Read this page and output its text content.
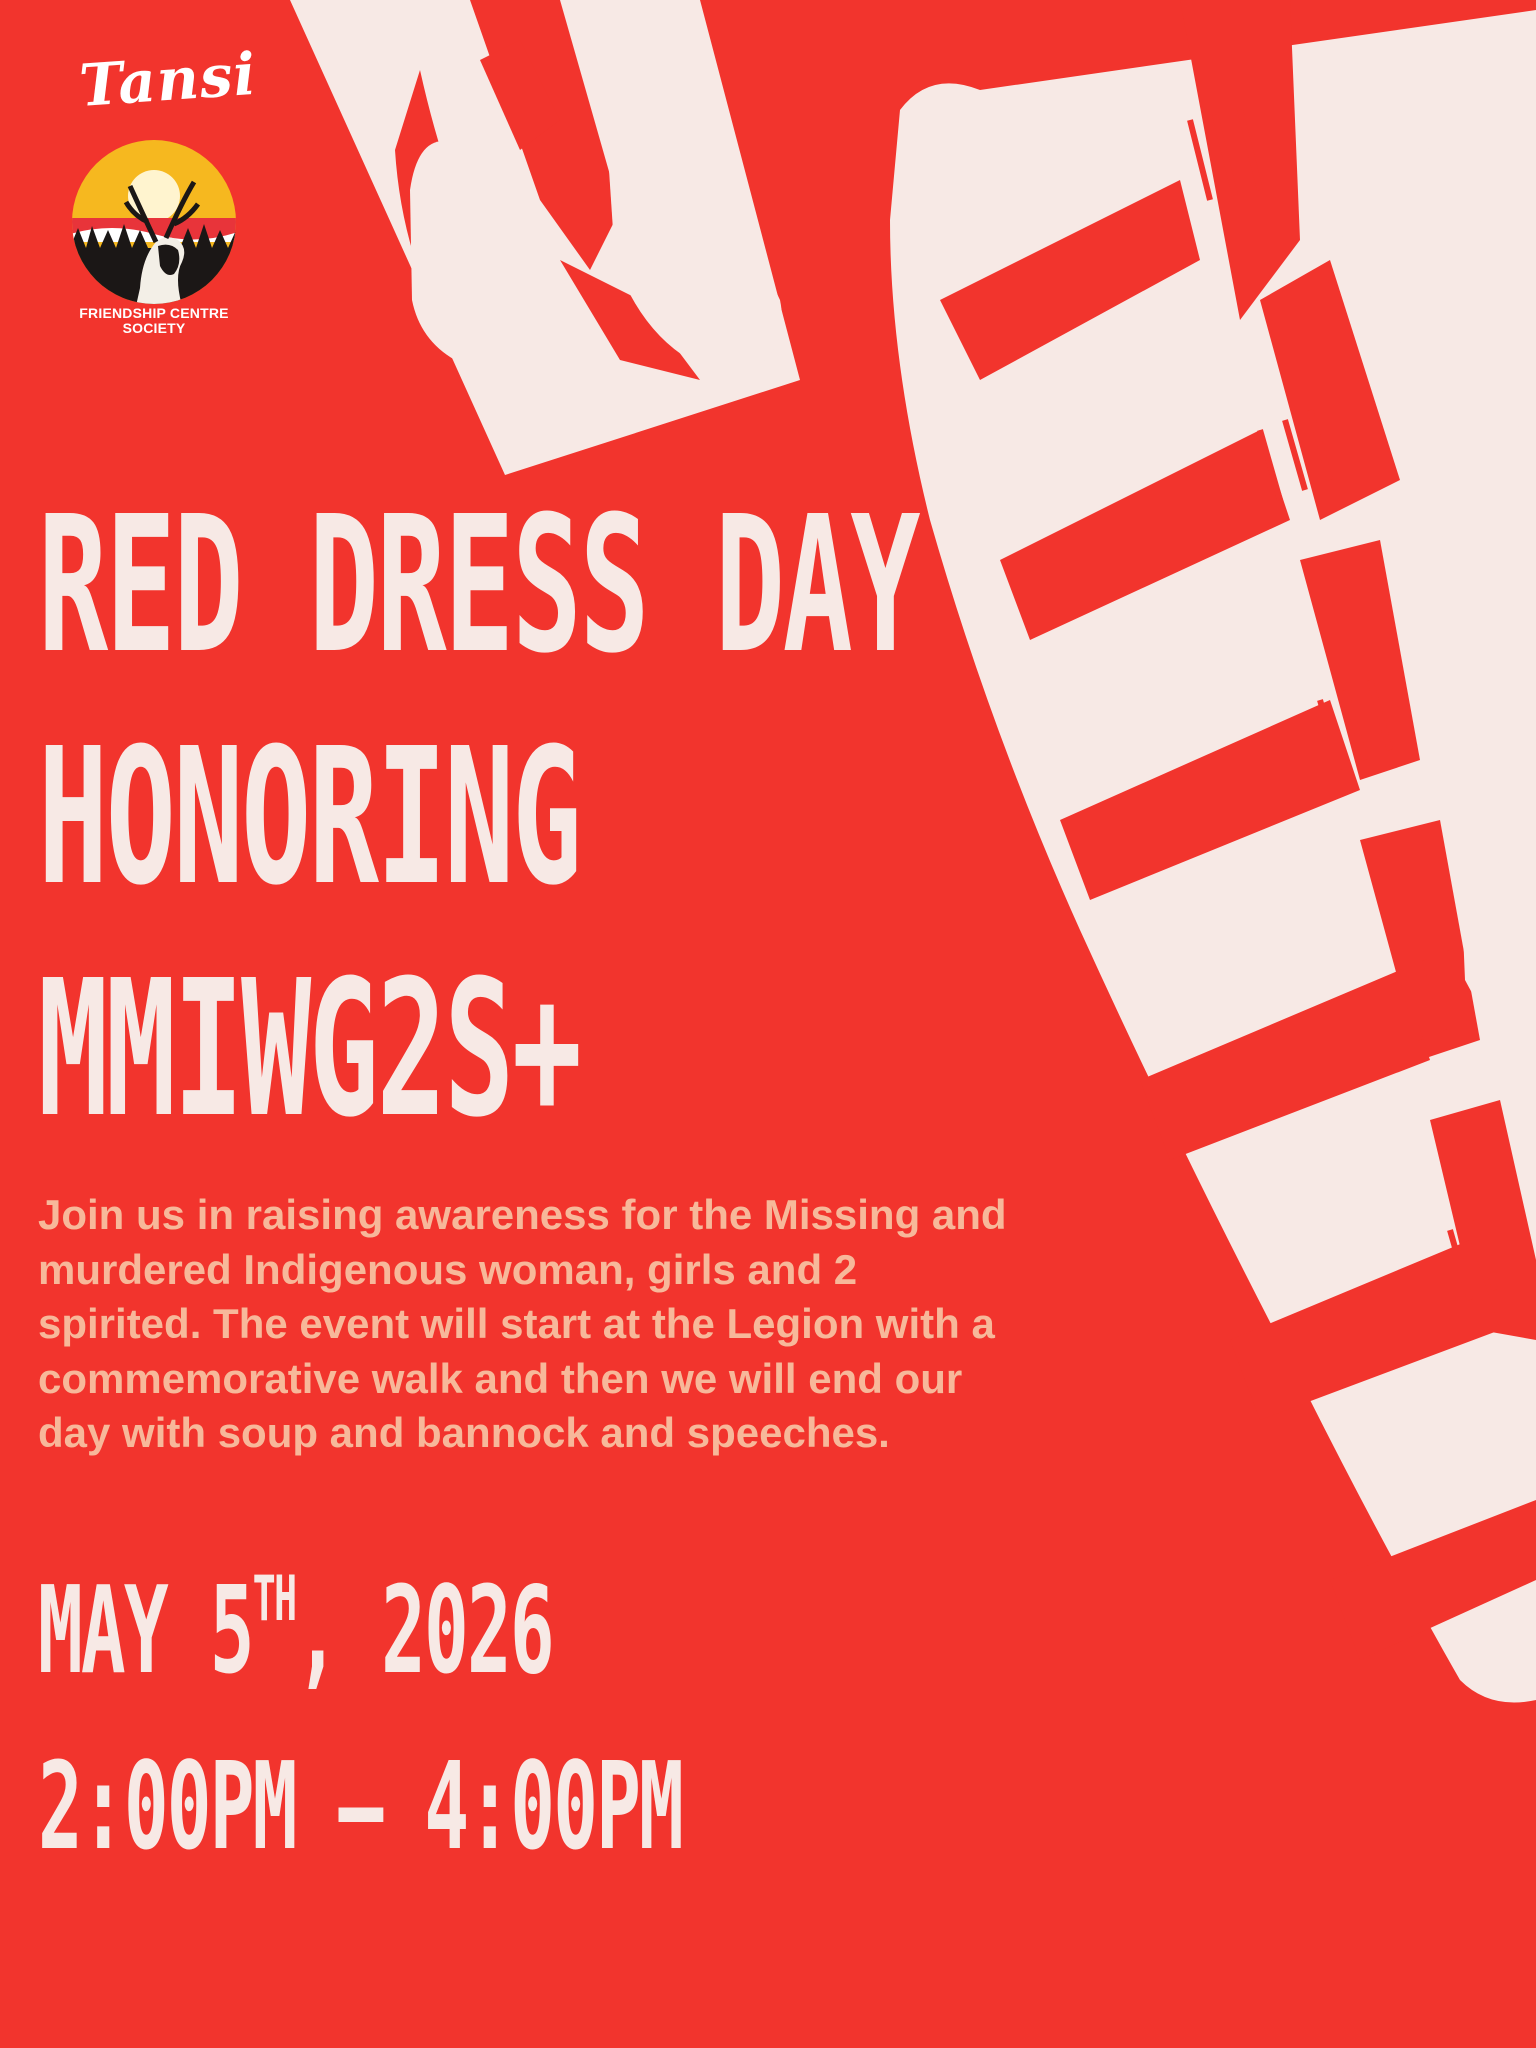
Tansi
FRIENDSHIP CENTRE
SOCIETY
RED DRESS DAY
HONORING
MMIWG2S+
Join us in raising awareness for the Missing and murdered Indigenous woman, girls and 2 spirited. The event will start at the Legion with a commemorative walk and then we will end our day with soup and bannock and speeches.
MAY 5TH, 2026
2:00PM – 4:00PM
